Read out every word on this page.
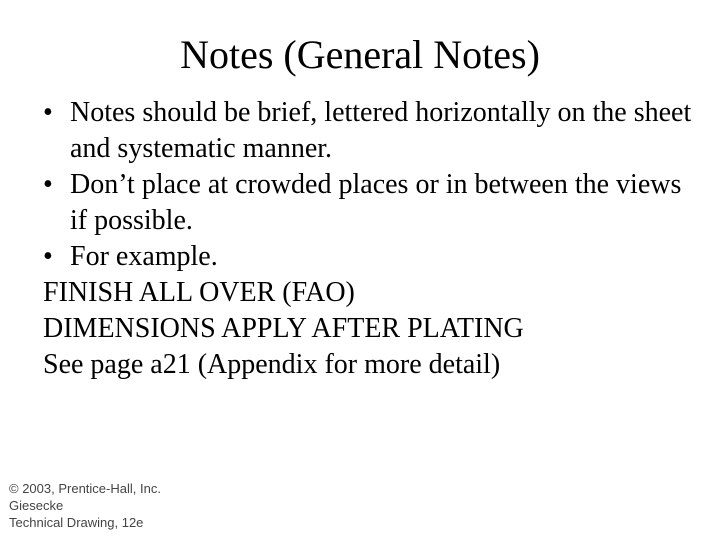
Notes (General Notes)
• Notes should be brief, lettered horizontally on the sheet and systematic manner.
• Don’t place at crowded places or in between the views if possible.
• For example.

FINISH ALL OVER (FAO)

DIMENSIONS APPLY AFTER PLATING

See page a21 (Appendix for more detail)

© 2003, Prentice-Hall, Inc.

Giesecke

Technical Drawing, 12e
